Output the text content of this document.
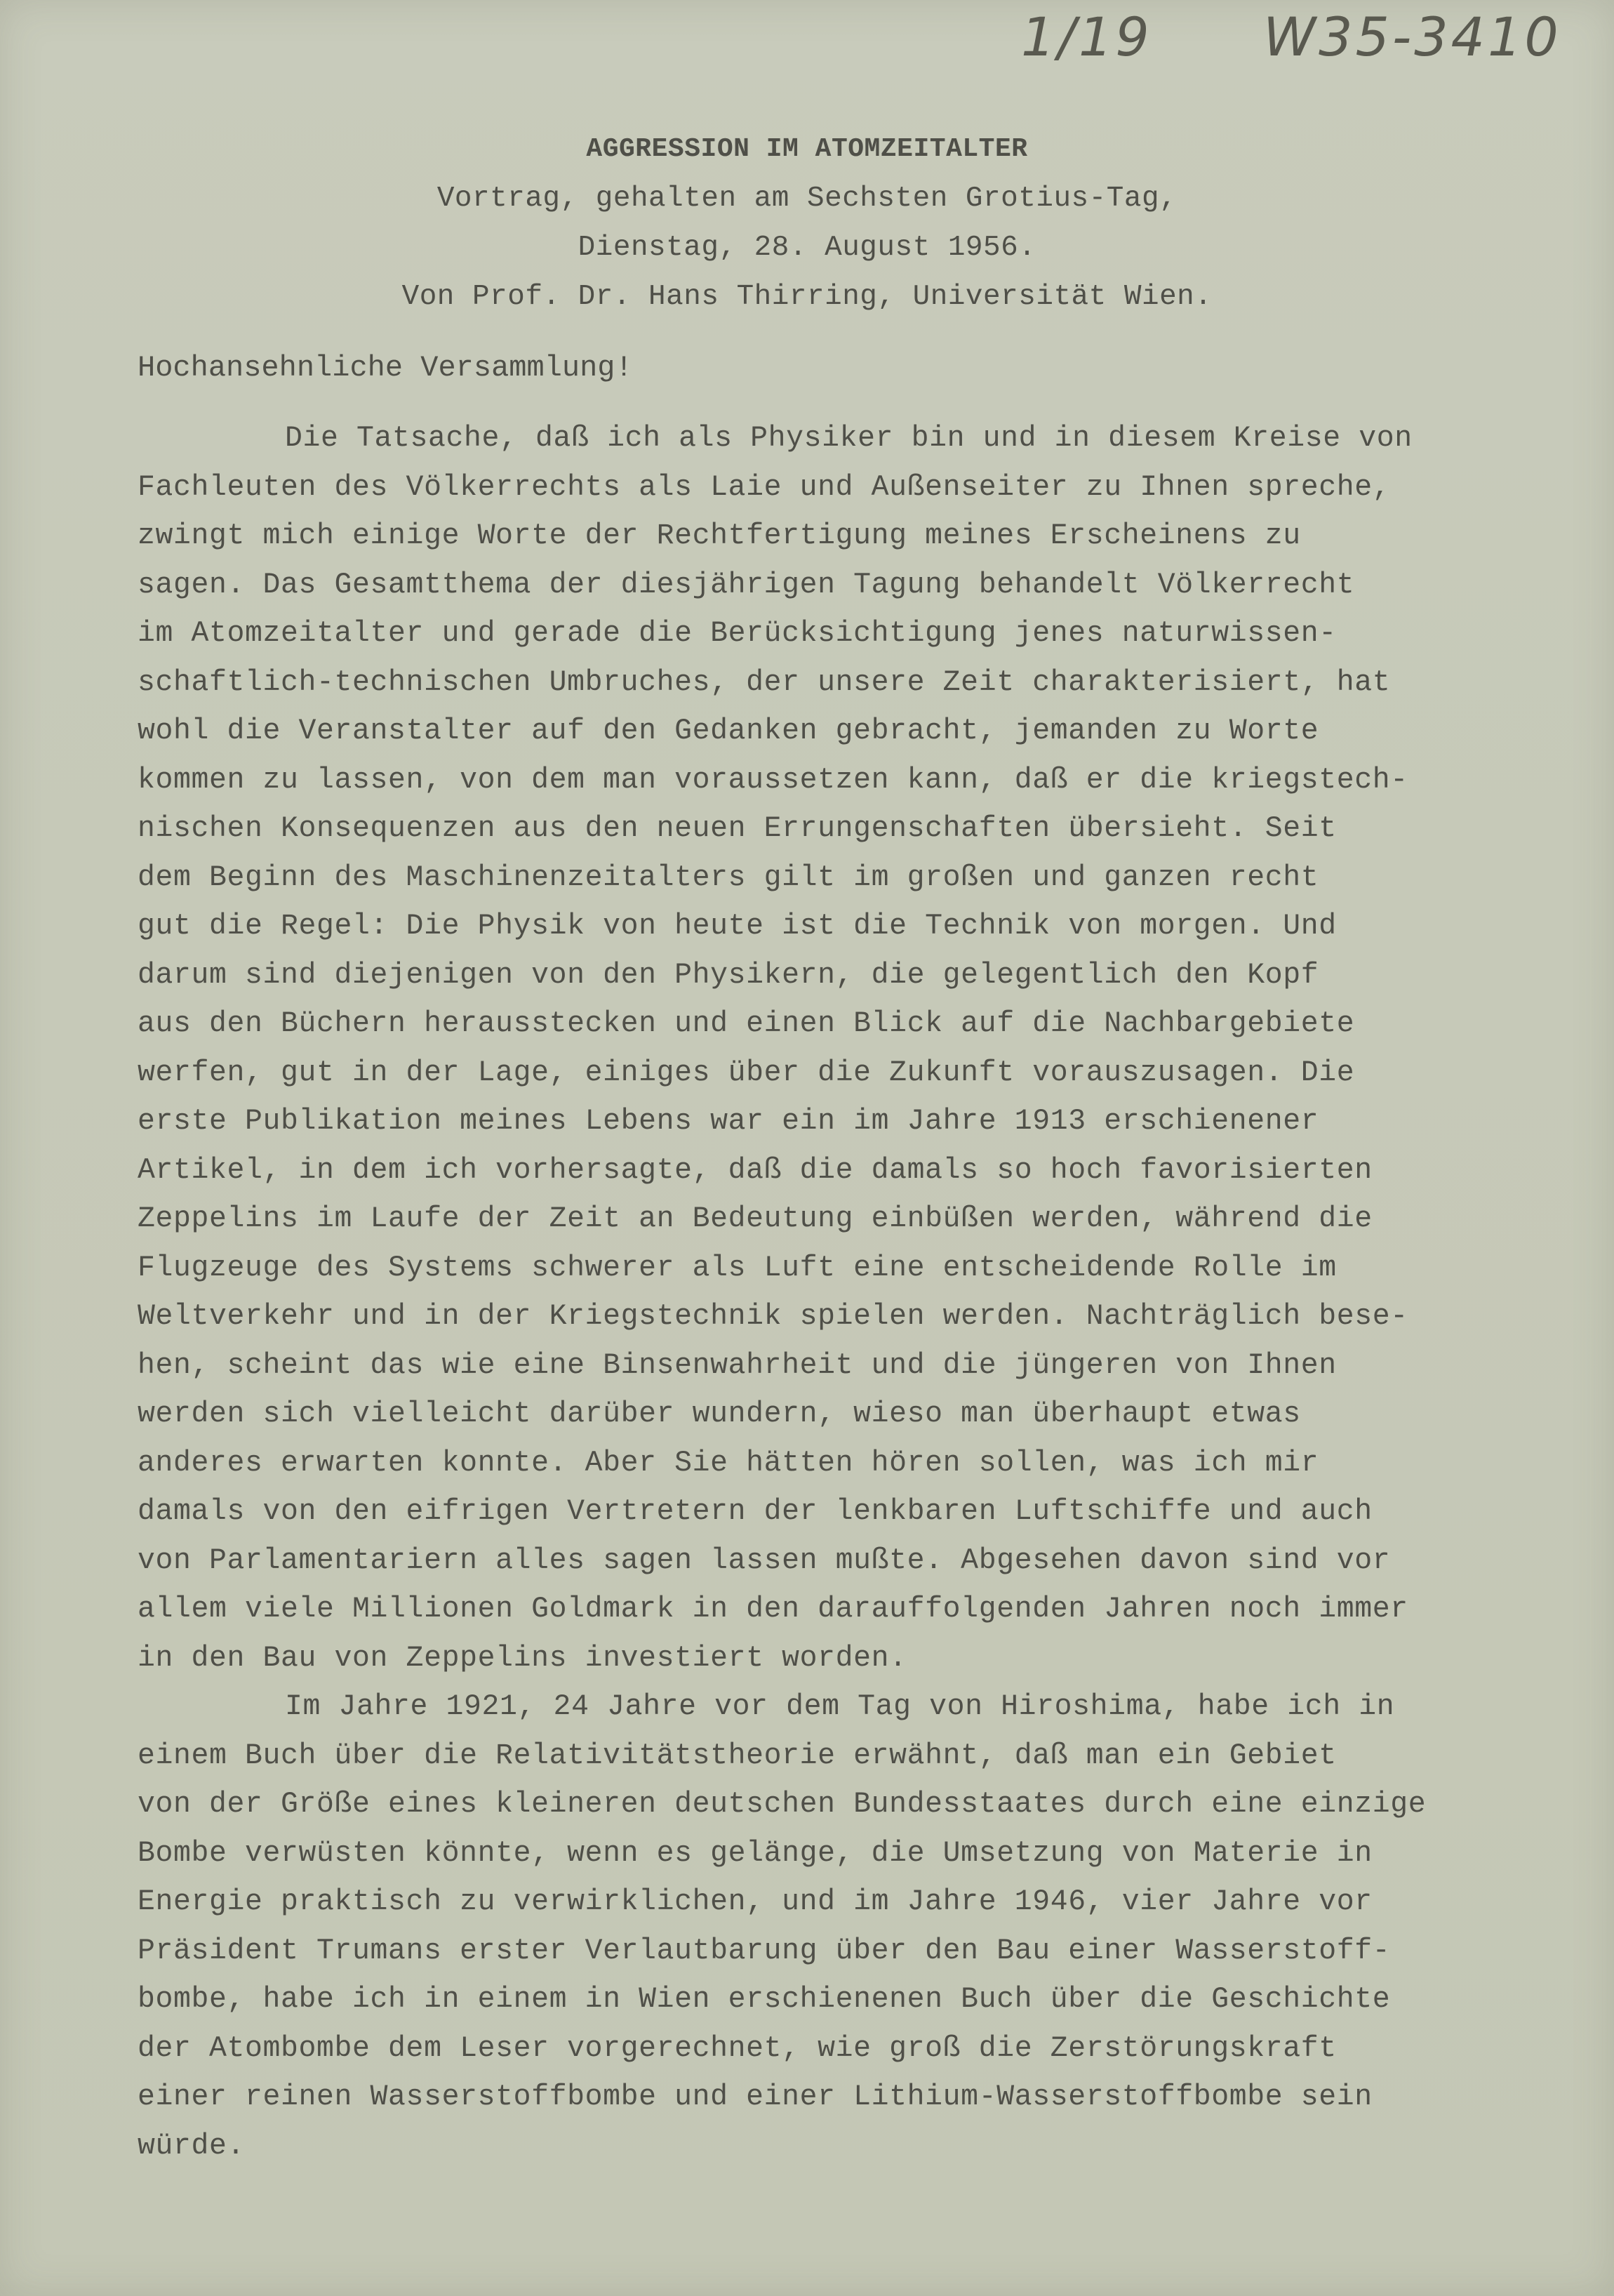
1/19 W35-3410
AGGRESSION IM ATOMZEITALTER
Vortrag, gehalten am Sechsten Grotius-Tag,
Dienstag, 28. August 1956.
Von Prof. Dr. Hans Thirring, Universität Wien.
Hochansehnliche Versammlung!
Die Tatsache, daß ich als Physiker bin und in diesem Kreise von
Fachleuten des Völkerrechts als Laie und Außenseiter zu Ihnen spreche,
zwingt mich einige Worte der Rechtfertigung meines Erscheinens zu
sagen. Das Gesamtthema der diesjährigen Tagung behandelt Völkerrecht
im Atomzeitalter und gerade die Berücksichtigung jenes naturwissen-
schaftlich-technischen Umbruches, der unsere Zeit charakterisiert, hat
wohl die Veranstalter auf den Gedanken gebracht, jemanden zu Worte
kommen zu lassen, von dem man voraussetzen kann, daß er die kriegstech-
nischen Konsequenzen aus den neuen Errungenschaften übersieht. Seit
dem Beginn des Maschinenzeitalters gilt im großen und ganzen recht
gut die Regel: Die Physik von heute ist die Technik von morgen. Und
darum sind diejenigen von den Physikern, die gelegentlich den Kopf
aus den Büchern herausstecken und einen Blick auf die Nachbargebiete
werfen, gut in der Lage, einiges über die Zukunft vorauszusagen. Die
erste Publikation meines Lebens war ein im Jahre 1913 erschienener
Artikel, in dem ich vorhersagte, daß die damals so hoch favorisierten
Zeppelins im Laufe der Zeit an Bedeutung einbüßen werden, während die
Flugzeuge des Systems schwerer als Luft eine entscheidende Rolle im
Weltverkehr und in der Kriegstechnik spielen werden. Nachträglich bese-
hen, scheint das wie eine Binsenwahrheit und die jüngeren von Ihnen
werden sich vielleicht darüber wundern, wieso man überhaupt etwas
anderes erwarten konnte. Aber Sie hätten hören sollen, was ich mir
damals von den eifrigen Vertretern der lenkbaren Luftschiffe und auch
von Parlamentariern alles sagen lassen mußte. Abgesehen davon sind vor
allem viele Millionen Goldmark in den darauffolgenden Jahren noch immer
in den Bau von Zeppelins investiert worden.
Im Jahre 1921, 24 Jahre vor dem Tag von Hiroshima, habe ich in
einem Buch über die Relativitätstheorie erwähnt, daß man ein Gebiet
von der Größe eines kleineren deutschen Bundesstaates durch eine einzige
Bombe verwüsten könnte, wenn es gelänge, die Umsetzung von Materie in
Energie praktisch zu verwirklichen, und im Jahre 1946, vier Jahre vor
Präsident Trumans erster Verlautbarung über den Bau einer Wasserstoff-
bombe, habe ich in einem in Wien erschienenen Buch über die Geschichte
der Atombombe dem Leser vorgerechnet, wie groß die Zerstörungskraft
einer reinen Wasserstoffbombe und einer Lithium-Wasserstoffbombe sein
würde.
